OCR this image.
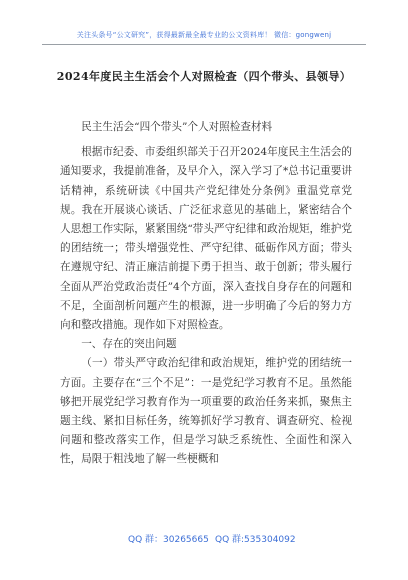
关注头条号“公文研究”，获得最新最全最专业的公文资料库！ 微信：gongwenj
2024年度民主生活会个人对照检查（四个带头、县领导）

民主生活会“四个带头”个人对照检查材料

根据市纪委、市委组织部关于召开2024年度民主生活会的通知要求，我提前准备，及早介入，深入学习了*总书记重要讲话精神，系统研读《中国共产党纪律处分条例》重温党章党规。我在开展谈心谈话、广泛征求意见的基础上，紧密结合个人思想工作实际，紧紧围绕“带头严守纪律和政治规矩，维护党的团结统一；带头增强党性、严守纪律、砥砺作风方面；带头在遵规守纪、清正廉洁前提下勇于担当、敢于创新；带头履行全面从严治党政治责任”4个方面，深入查找自身存在的问题和不足，全面剖析问题产生的根源，进一步明确了今后的努力方向和整改措施。现作如下对照检查。

一、存在的突出问题

（一）带头严守政治纪律和政治规矩，维护党的团结统一方面。主要存在“三个不足”：一是党纪学习教育不足。虽然能够把开展党纪学习教育作为一项重要的政治任务来抓，聚焦主题主线、紧扣目标任务，统筹抓好学习教育、调查研究、检视问题和整改落实工作，但是学习缺乏系统性、全面性和深入性，局限于粗浅地了解一些梗概和

QQ 群：30265665 QQ 群:535304092
